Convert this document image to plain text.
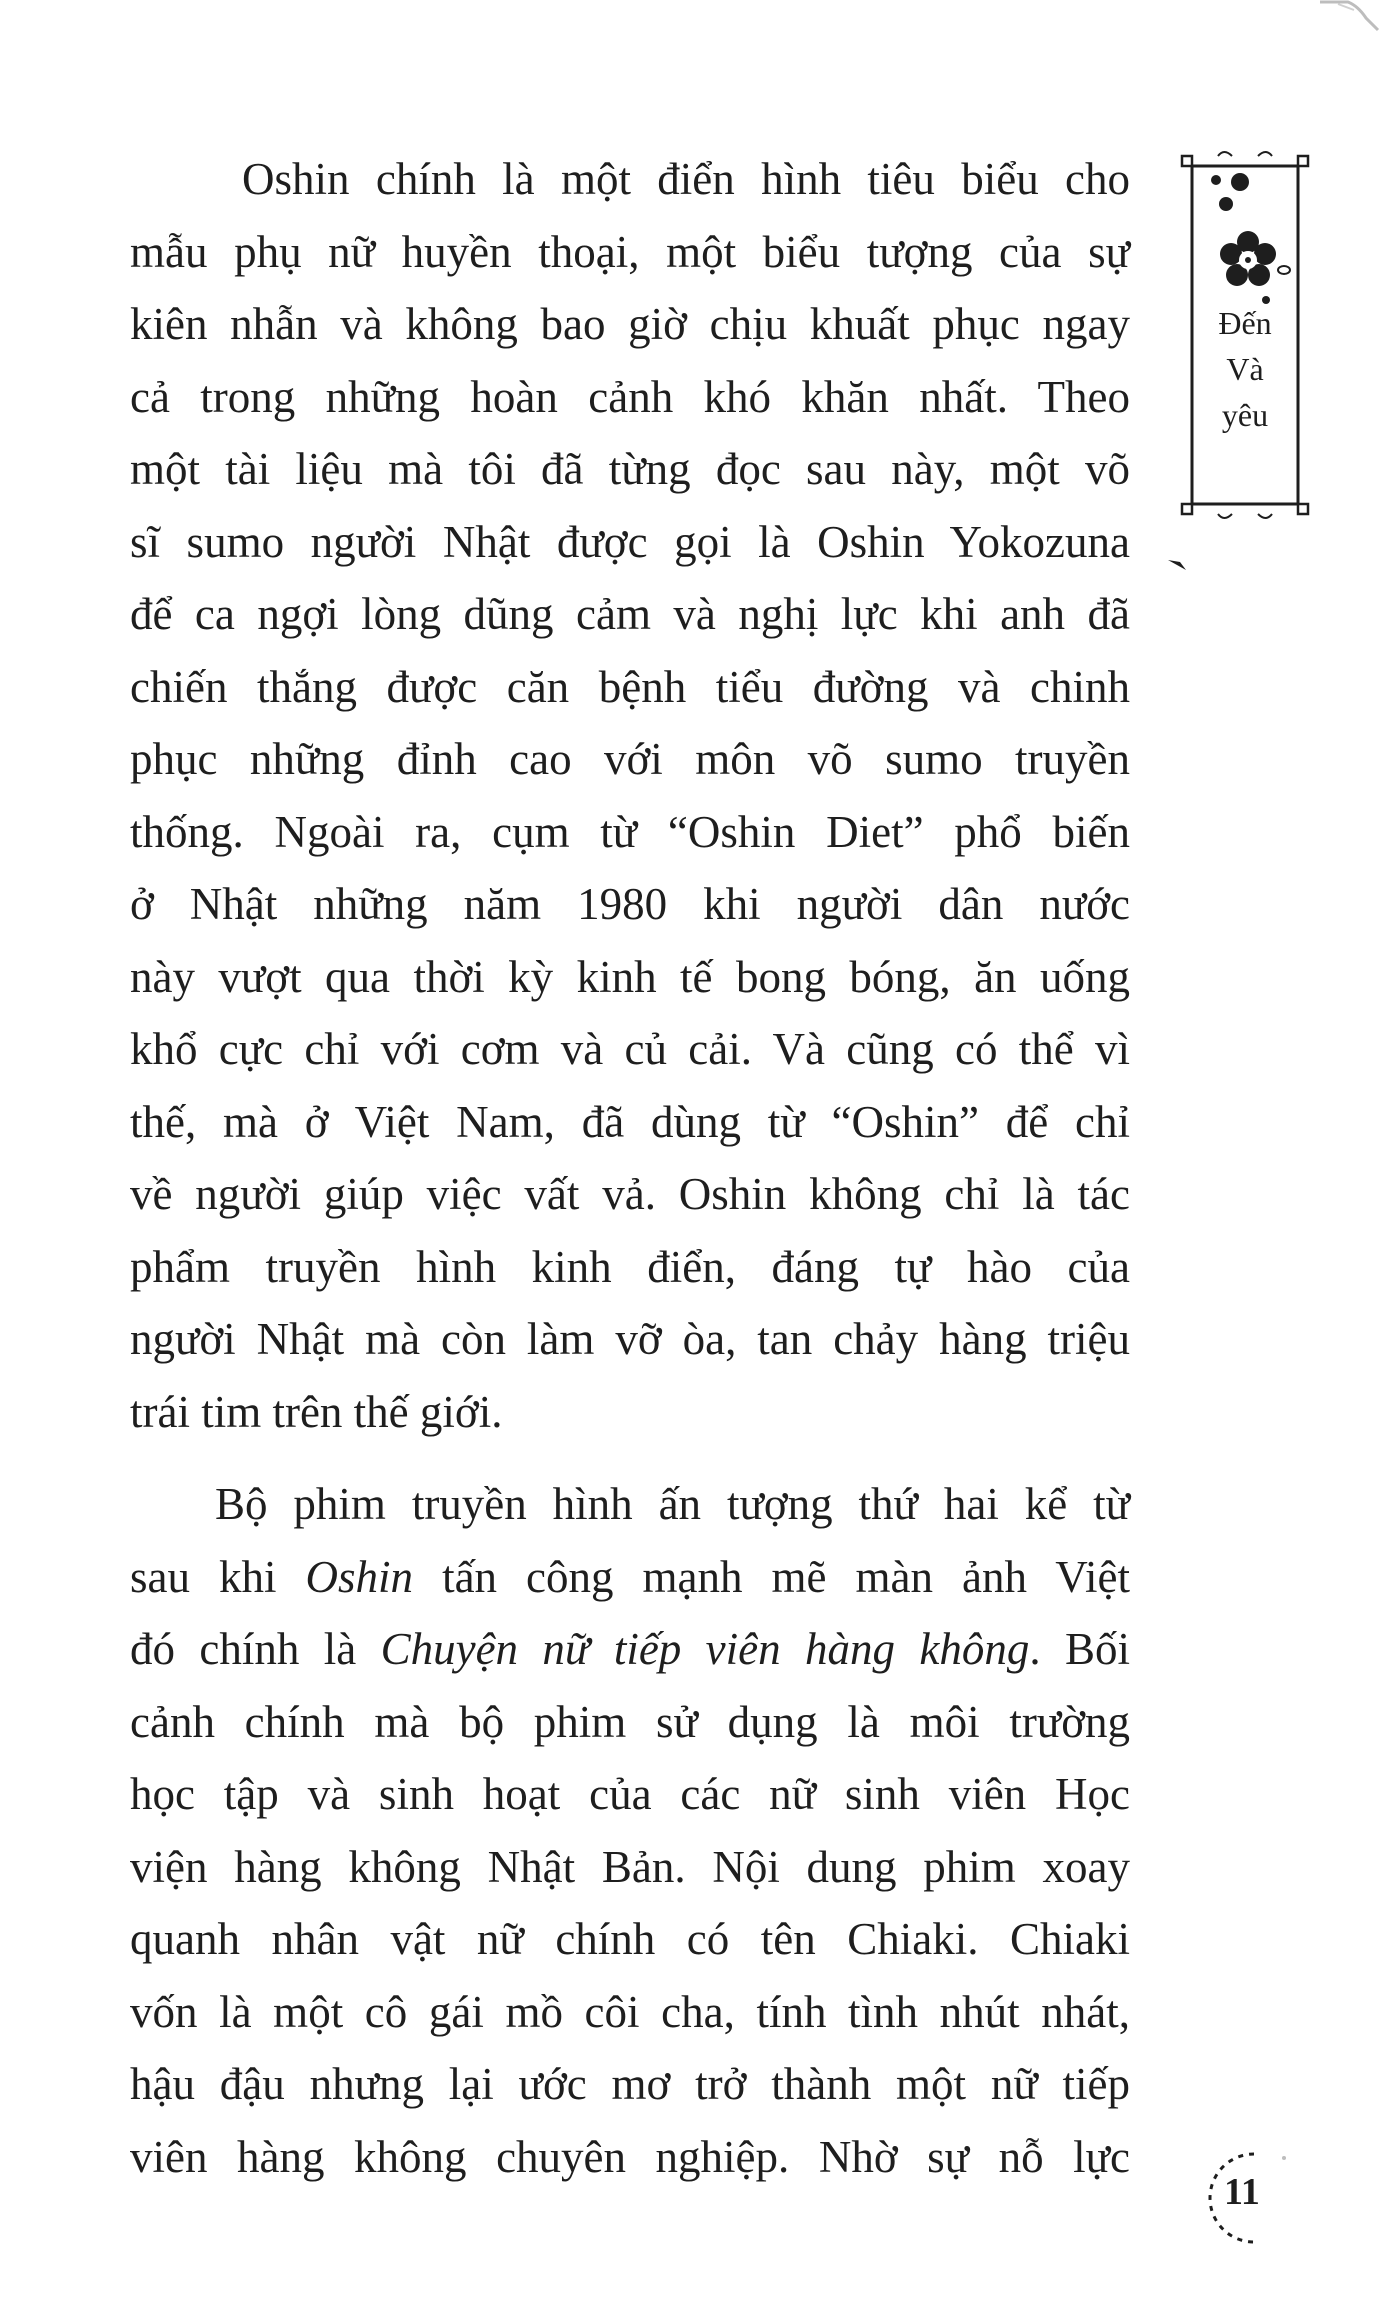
Oshin chính là một điển hình tiêu biểu cho
mẫu phụ nữ huyền thoại, một biểu tượng của sự
kiên nhẫn và không bao giờ chịu khuất phục ngay
cả trong những hoàn cảnh khó khăn nhất. Theo
một tài liệu mà tôi đã từng đọc sau này, một võ
sĩ sumo người Nhật được gọi là Oshin Yokozuna
để ca ngợi lòng dũng cảm và nghị lực khi anh đã
chiến thắng được căn bệnh tiểu đường và chinh
phục những đỉnh cao với môn võ sumo truyền
thống. Ngoài ra, cụm từ “Oshin Diet” phổ biến
ở Nhật những năm 1980 khi người dân nước
này vượt qua thời kỳ kinh tế bong bóng, ăn uống
khổ cực chỉ với cơm và củ cải. Và cũng có thể vì
thế, mà ở Việt Nam, đã dùng từ “Oshin” để chỉ
về người giúp việc vất vả. Oshin không chỉ là tác
phẩm truyền hình kinh điển, đáng tự hào của
người Nhật mà còn làm vỡ òa, tan chảy hàng triệu
trái tim trên thế giới.
Bộ phim truyền hình ấn tượng thứ hai kể từ
sau khi Oshin tấn công mạnh mẽ màn ảnh Việt
đó chính là Chuyện nữ tiếp viên hàng không. Bối
cảnh chính mà bộ phim sử dụng là môi trường
học tập và sinh hoạt của các nữ sinh viên Học
viện hàng không Nhật Bản. Nội dung phim xoay
quanh nhân vật nữ chính có tên Chiaki. Chiaki
vốn là một cô gái mồ côi cha, tính tình nhút nhát,
hậu đậu nhưng lại ước mơ trở thành một nữ tiếp
viên hàng không chuyên nghiệp. Nhờ sự nỗ lực
Đến
Và
yêu
11
